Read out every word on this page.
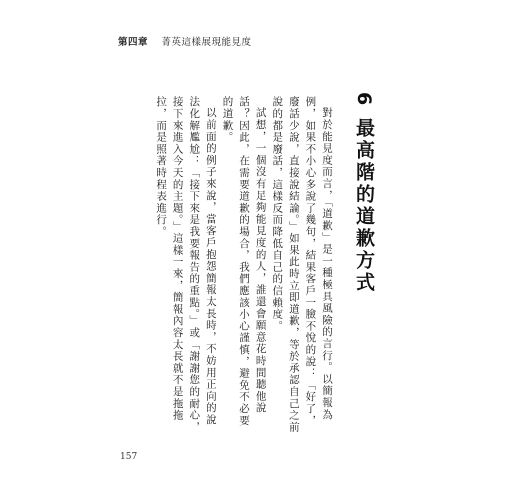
第四章 菁英這樣展現能見度
6 最高階的道歉方式

對於能見度而言，「道歉」是一種極具風險的言行。以簡報為例，如果不小心多說了幾句，結果客戶一臉不悅的說：「好了，廢話少說，直接說結論。」如果此時立即道歉，等於承認自己之前說的都是廢話，這樣反而降低自己的信賴度。

試想，一個沒有足夠能見度的人，誰還會願意花時間聽他說話？因此，在需要道歉的場合，我們應該小心謹慎，避免不必要的道歉。

以前面的例子來說，當客戶抱怨簡報太長時，不妨用正向的說法化解尷尬：「接下來是我要報告的重點。」或「謝謝您的耐心，接下來進入今天的主題。」這樣一來，簡報內容太長就不是拖拖拉，而是照著時程表進行。

157
